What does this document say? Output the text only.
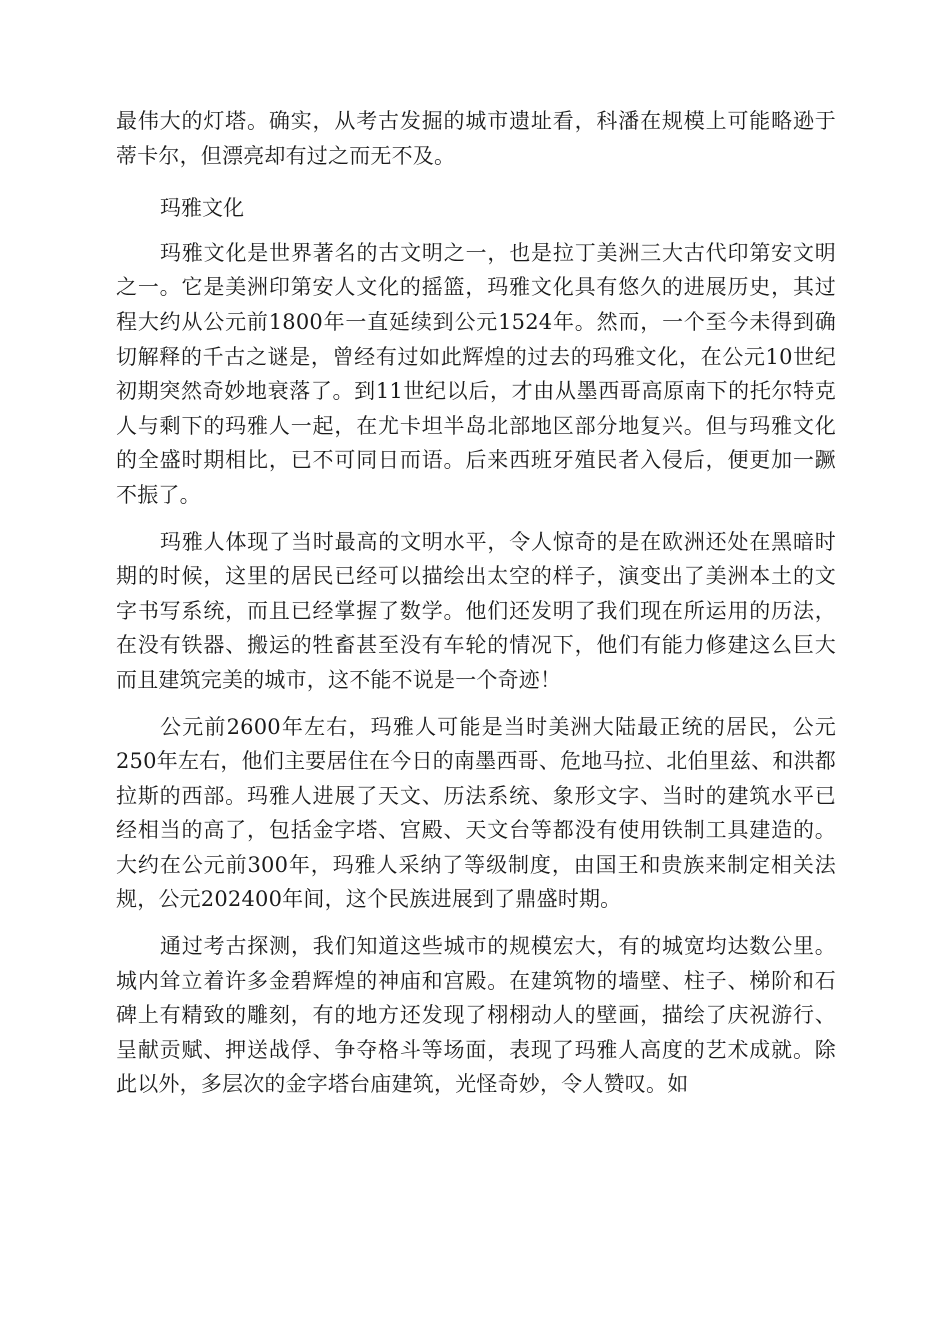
最伟大的灯塔。确实，从考古发掘的城市遗址看，科潘在规模上可能略逊于蒂卡尔，但漂亮却有过之而无不及。

玛雅文化

玛雅文化是世界著名的古文明之一，也是拉丁美洲三大古代印第安文明之一。它是美洲印第安人文化的摇篮，玛雅文化具有悠久的进展历史，其过程大约从公元前1800年一直延续到公元1524年。然而，一个至今未得到确切解释的千古之谜是，曾经有过如此辉煌的过去的玛雅文化，在公元10世纪初期突然奇妙地衰落了。到11世纪以后，才由从墨西哥高原南下的托尔特克人与剩下的玛雅人一起，在尤卡坦半岛北部地区部分地复兴。但与玛雅文化的全盛时期相比，已不可同日而语。后来西班牙殖民者入侵后，便更加一蹶不振了。

玛雅人体现了当时最高的文明水平，令人惊奇的是在欧洲还处在黑暗时期的时候，这里的居民已经可以描绘出太空的样子，演变出了美洲本土的文字书写系统，而且已经掌握了数学。他们还发明了我们现在所运用的历法，在没有铁器、搬运的牲畜甚至没有车轮的情况下，他们有能力修建这么巨大而且建筑完美的城市，这不能不说是一个奇迹！

公元前2600年左右，玛雅人可能是当时美洲大陆最正统的居民，公元250年左右，他们主要居住在今日的南墨西哥、危地马拉、北伯里兹、和洪都拉斯的西部。玛雅人进展了天文、历法系统、象形文字、当时的建筑水平已经相当的高了，包括金字塔、宫殿、天文台等都没有使用铁制工具建造的。大约在公元前300年，玛雅人采纳了等级制度，由国王和贵族来制定相关法规，公元202400年间，这个民族进展到了鼎盛时期。

通过考古探测，我们知道这些城市的规模宏大，有的城宽均达数公里。城内耸立着许多金碧辉煌的神庙和宫殿。在建筑物的墙壁、柱子、梯阶和石碑上有精致的雕刻，有的地方还发现了栩栩动人的壁画，描绘了庆祝游行、呈献贡赋、押送战俘、争夺格斗等场面，表现了玛雅人高度的艺术成就。除此以外，多层次的金字塔台庙建筑，光怪奇妙，令人赞叹。如
